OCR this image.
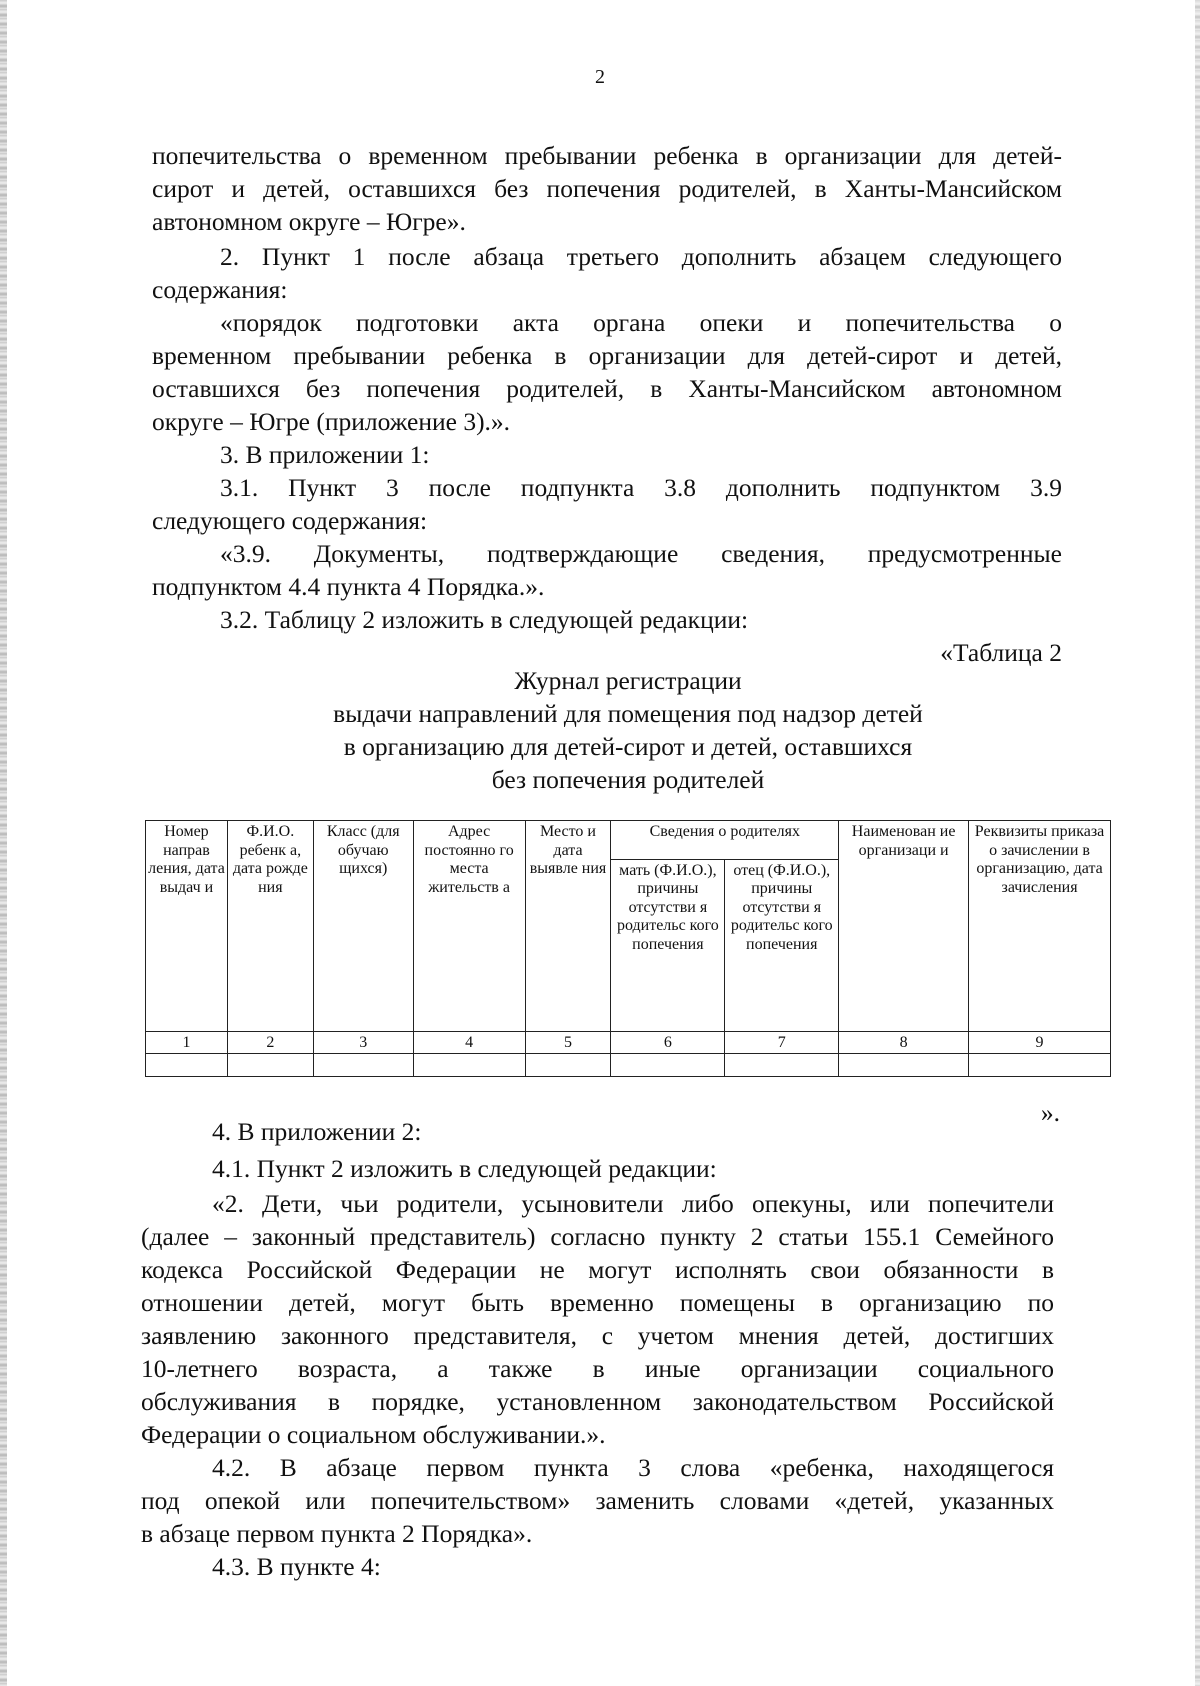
2
попечительства о временном пребывании ребенка в организации для детей-
сирот и детей, оставшихся без попечения родителей, в Ханты-Мансийском
автономном округе – Югре».
2. Пункт 1 после абзаца третьего дополнить абзацем следующего
содержания:
«порядок подготовки акта органа опеки и попечительства о
временном пребывании ребенка в организации для детей-сирот и детей,
оставшихся без попечения родителей, в Ханты-Мансийском автономном
округе – Югре (приложение 3).».
3. В приложении 1:
3.1. Пункт 3 после подпункта 3.8 дополнить подпунктом 3.9
следующего содержания:
«3.9. Документы, подтверждающие сведения, предусмотренные
подпунктом 4.4 пункта 4 Порядка.».
3.2. Таблицу 2 изложить в следующей редакции:
«Таблица 2
Журнал регистрации
выдачи направлений для помещения под надзор детей
в организацию для детей-сирот и детей, оставшихся
без попечения родителей
Номер направ ления, дата выдач и	Ф.И.О. ребенк а, дата рожде ния	Класс (для обучаю щихся)	Адрес постоянно го места жительств а	Место и дата выявле ния	Сведения о родителях		Наименован ие организаци и	Реквизиты приказа о зачислении в организацию, дата зачисления
					мать (Ф.И.О.), причины отсутстви я родительс кого попечения	отец (Ф.И.О.), причины отсутстви я родительс кого попечения		
1	2	3	4	5	6	7	8	9

».
4. В приложении 2:
4.1. Пункт 2 изложить в следующей редакции:
«2. Дети, чьи родители, усыновители либо опекуны, или попечители
(далее – законный представитель) согласно пункту 2 статьи 155.1 Семейного
кодекса Российской Федерации не могут исполнять свои обязанности в
отношении детей, могут быть временно помещены в организацию по
заявлению законного представителя, с учетом мнения детей, достигших
10-летнего возраста, а также в иные организации социального
обслуживания в порядке, установленном законодательством Российской
Федерации о социальном обслуживании.».
4.2. В абзаце первом пункта 3 слова «ребенка, находящегося
под опекой или попечительством» заменить словами «детей, указанных
в абзаце первом пункта 2 Порядка».
4.3. В пункте 4:
